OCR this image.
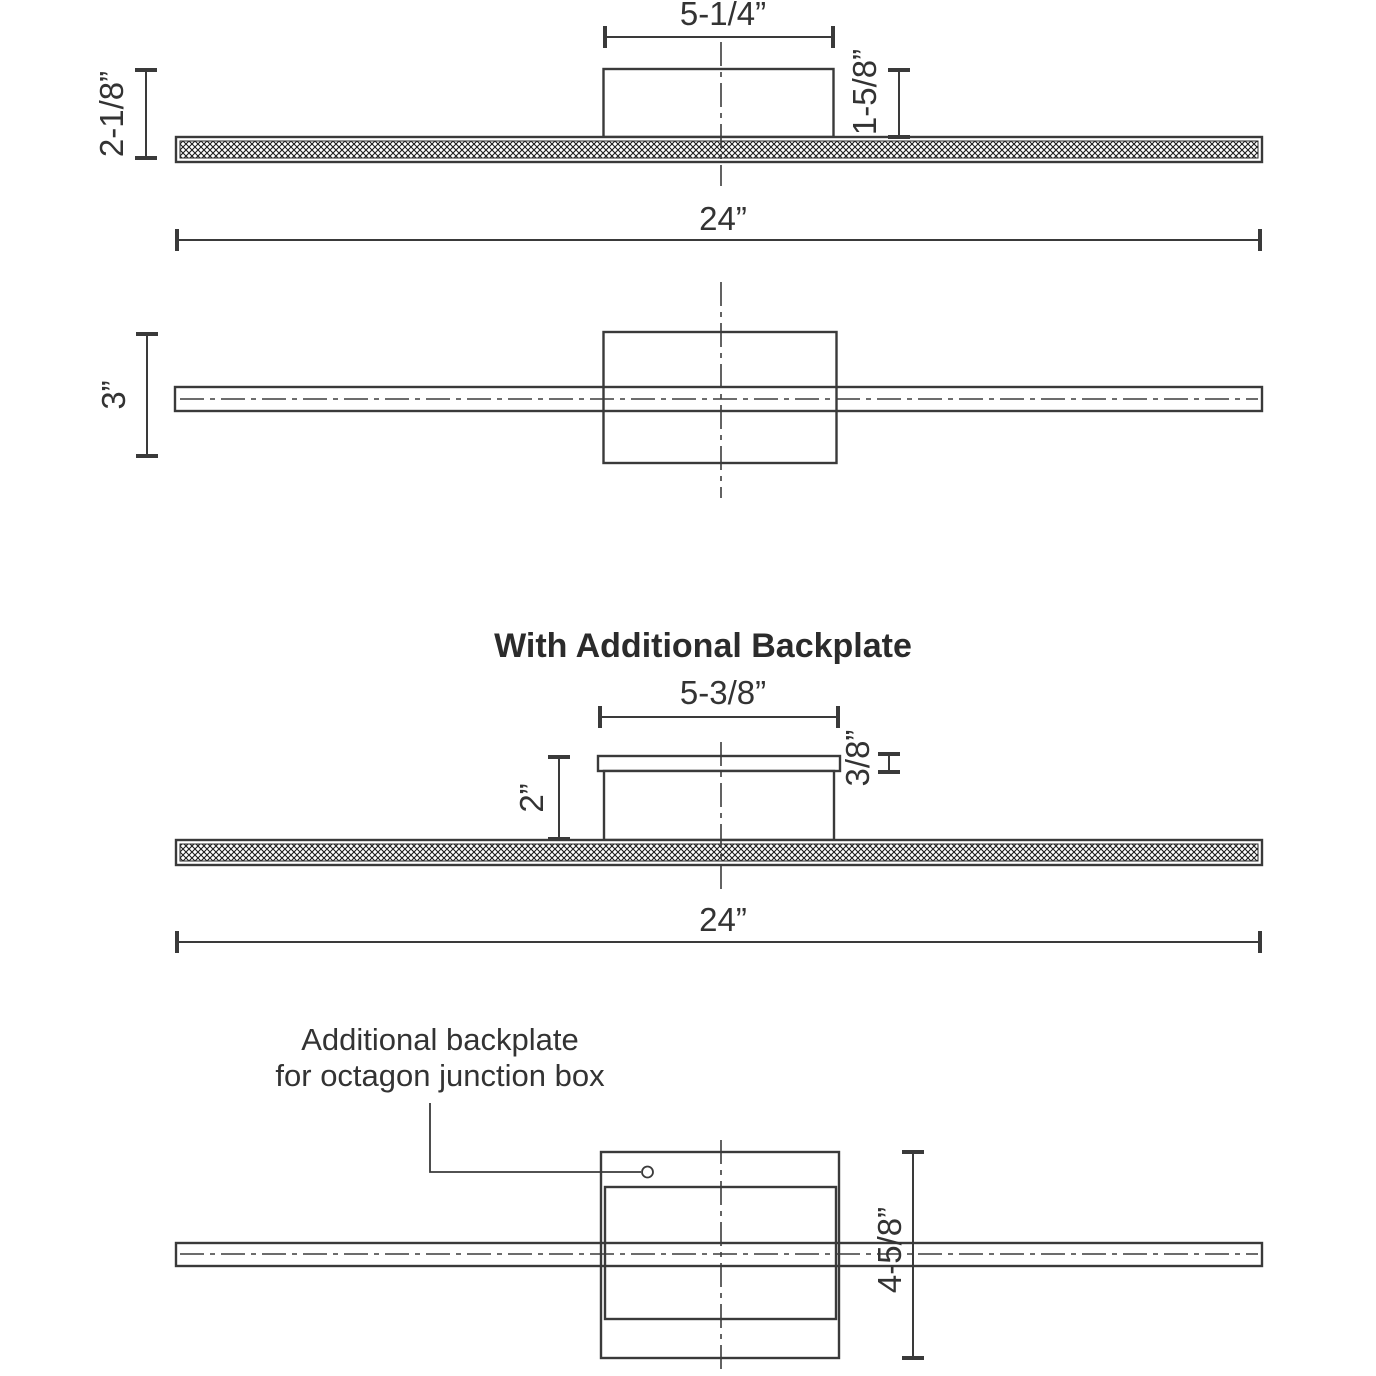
5-1/4”
2-1/8”	1-5/8”
24”
3”
With Additional Backplate
5-3/8”
2”
3/8”
24”
Additional backplate
for octagon junction box
4-5/8”
